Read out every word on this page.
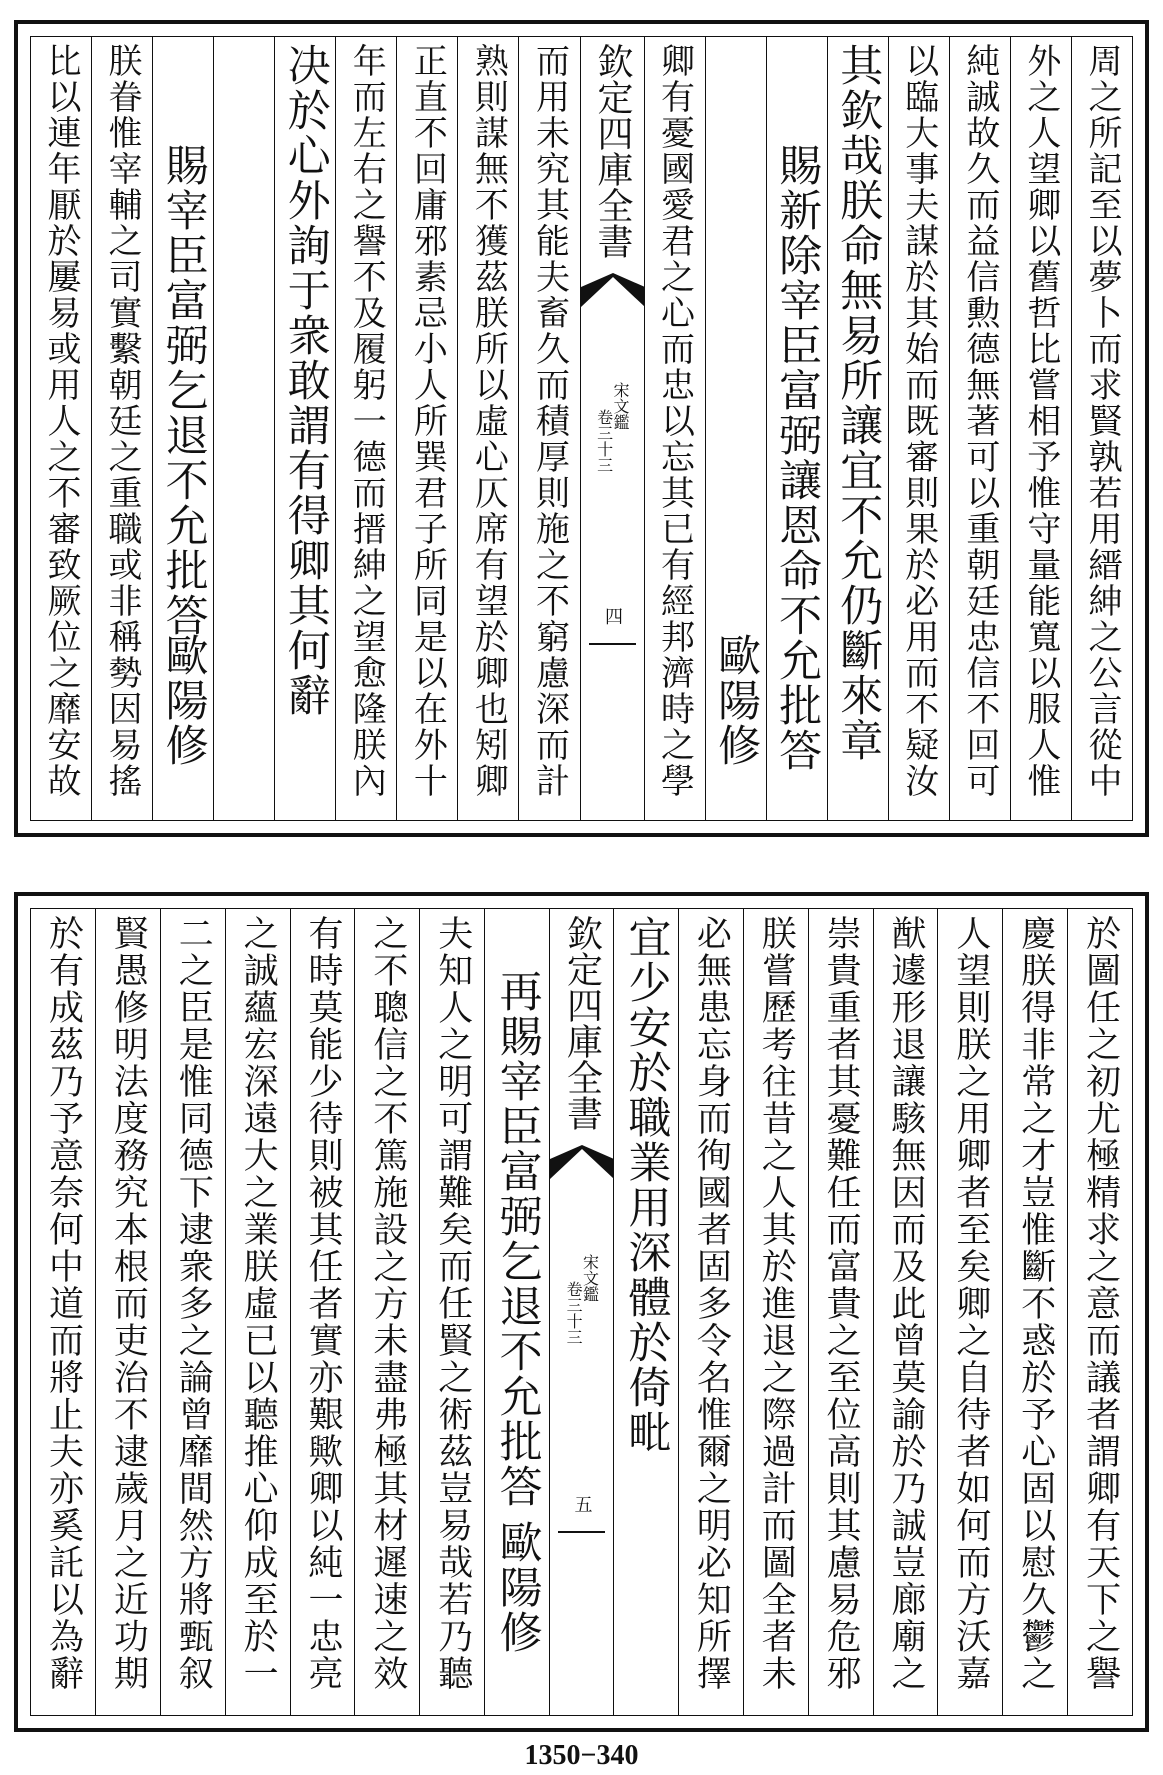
周之所記至以夢卜而求賢孰若用縉紳之公言從中
外之人望卿以舊哲比嘗相予惟守量能寬以服人惟
純誠故久而益信勲德無著可以重朝廷忠信不回可
以臨大事夫謀於其始而既審則果於必用而不疑汝
其欽哉朕命無易所讓宜不允仍斷來章
賜新除宰臣富弼讓恩命不允批答
歐陽修
卿有憂國愛君之心而忠以忘其已有經邦濟時之學
欽定四庫全書
宋文鑑
卷三十三
四
而用未究其能夫畜久而積厚則施之不窮慮深而計
熟則謀無不獲茲朕所以虛心仄席有望於卿也矧卿
正直不回庸邪素忌小人所巽君子所同是以在外十
年而左右之譽不及履躬一德而搢紳之望愈隆朕內
决於心外詢于衆敢謂有得卿其何辭
賜宰臣富弼乞退不允批答
歐陽修
朕眷惟宰輔之司實繫朝廷之重職或非稱勢因易搖
比以連年厭於屢易或用人之不審致厥位之靡安故
於圖任之初尤極精求之意而議者謂卿有天下之譽
慶朕得非常之才豈惟斷不惑於予心固以慰久鬱之
人望則朕之用卿者至矣卿之自待者如何而方沃嘉
猷遽形退讓駭無因而及此曾莫諭於乃誠豈廊廟之
崇貴重者其憂難任而富貴之至位高則其慮易危邪
朕嘗歷考往昔之人其於進退之際過計而圖全者未
必無患忘身而徇國者固多令名惟爾之明必知所擇
宜少安於職業用深體於倚毗
欽定四庫全書
宋文鑑
卷三十三
五
再賜宰臣富弼乞退不允批答
歐陽修
夫知人之明可謂難矣而任賢之術茲豈易哉若乃聽
之不聰信之不篤施設之方未盡弗極其材遲速之效
有時莫能少待則被其任者實亦艱歟卿以純一忠亮
之誠蘊宏深遠大之業朕虛已以聽推心仰成至於一
二之臣是惟同德下逮衆多之論曾靡間然方將甄叙
賢愚修明法度務究本根而吏治不逮歲月之近功期
於有成茲乃予意奈何中道而將止夫亦奚託以為辭
1350−340
